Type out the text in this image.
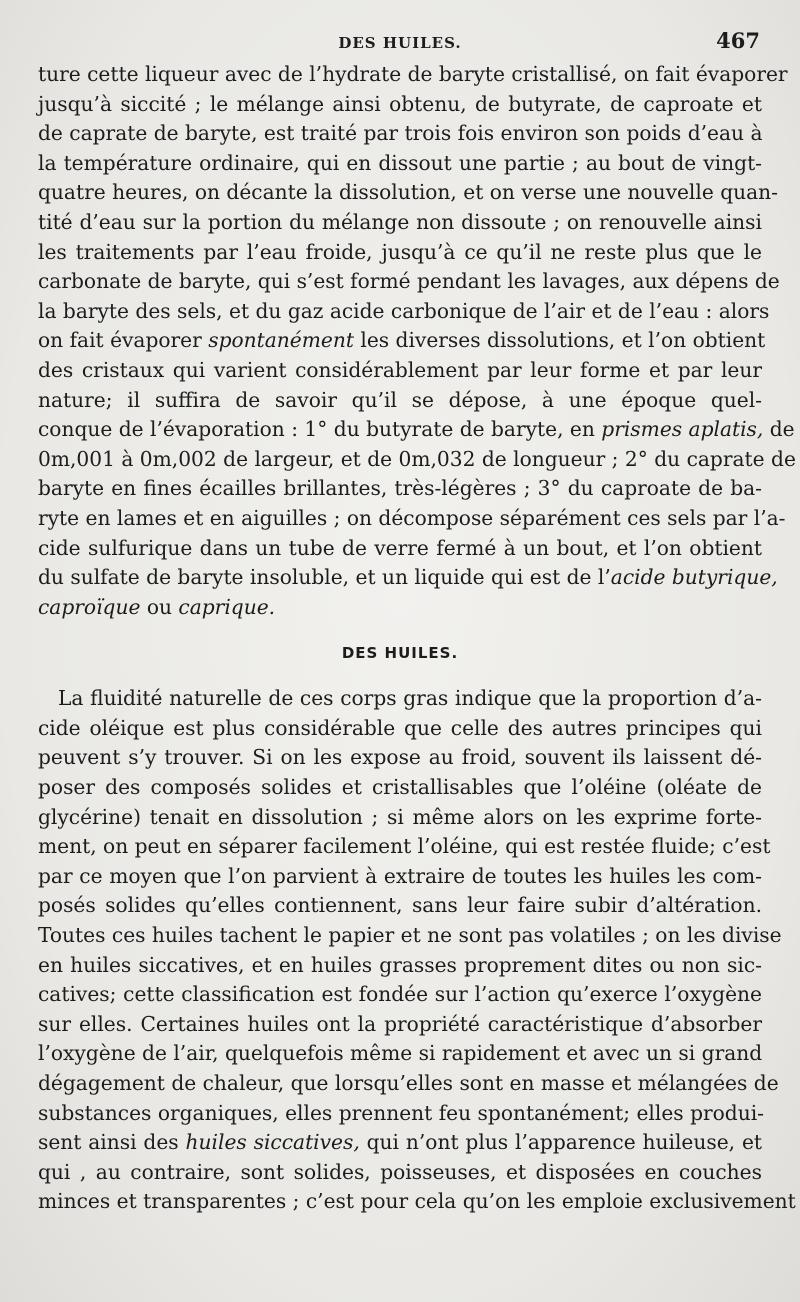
DES HUILES.	467
ture cette liqueur avec de l’hydrate de baryte cristallisé, on fait évaporer
jusqu’à siccité ; le mélange ainsi obtenu, de butyrate, de caproate et
de caprate de baryte, est traité par trois fois environ son poids d’eau à
la température ordinaire, qui en dissout une partie ; au bout de vingt-
quatre heures, on décante la dissolution, et on verse une nouvelle quan-
tité d’eau sur la portion du mélange non dissoute ; on renouvelle ainsi
les traitements par l’eau froide, jusqu’à ce qu’il ne reste plus que le
carbonate de baryte, qui s’est formé pendant les lavages, aux dépens de
la baryte des sels, et du gaz acide carbonique de l’air et de l’eau : alors
on fait évaporer spontanément les diverses dissolutions, et l’on obtient
des cristaux qui varient considérablement par leur forme et par leur
nature; il suffira de savoir qu’il se dépose, à une époque quel-
conque de l’évaporation : 1° du butyrate de baryte, en prismes aplatis, de
0m,001 à 0m,002 de largeur, et de 0m,032 de longueur ; 2° du caprate de
baryte en fines écailles brillantes, très-légères ; 3° du caproate de ba-
ryte en lames et en aiguilles ; on décompose séparément ces sels par l’a-
cide sulfurique dans un tube de verre fermé à un bout, et l’on obtient
du sulfate de baryte insoluble, et un liquide qui est de l’acide butyrique,
caproïque ou caprique.
DES HUILES.
La fluidité naturelle de ces corps gras indique que la proportion d’a-
cide oléique est plus considérable que celle des autres principes qui
peuvent s’y trouver. Si on les expose au froid, souvent ils laissent dé-
poser des composés solides et cristallisables que l’oléine (oléate de
glycérine) tenait en dissolution ; si même alors on les exprime forte-
ment, on peut en séparer facilement l’oléine, qui est restée fluide; c’est
par ce moyen que l’on parvient à extraire de toutes les huiles les com-
posés solides qu’elles contiennent, sans leur faire subir d’altération.
Toutes ces huiles tachent le papier et ne sont pas volatiles ; on les divise
en huiles siccatives, et en huiles grasses proprement dites ou non sic-
catives; cette classification est fondée sur l’action qu’exerce l’oxygène
sur elles. Certaines huiles ont la propriété caractéristique d’absorber
l’oxygène de l’air, quelquefois même si rapidement et avec un si grand
dégagement de chaleur, que lorsqu’elles sont en masse et mélangées de
substances organiques, elles prennent feu spontanément; elles produi-
sent ainsi des huiles siccatives, qui n’ont plus l’apparence huileuse, et
qui , au contraire, sont solides, poisseuses, et disposées en couches
minces et transparentes ; c’est pour cela qu’on les emploie exclusivement
